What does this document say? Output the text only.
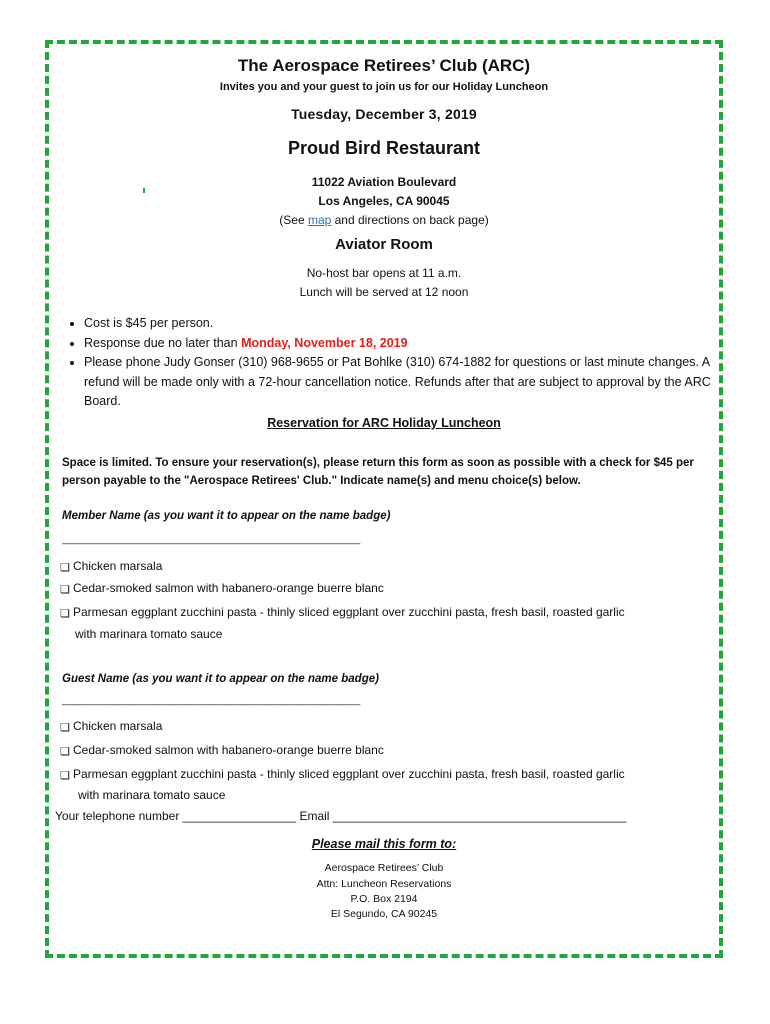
The Aerospace Retirees’ Club (ARC)
Invites you and your guest to join us for our Holiday Luncheon
Tuesday, December 3, 2019
Proud Bird Restaurant
11022 Aviation Boulevard
Los Angeles, CA 90045
(See map and directions on back page)
Aviator Room
No-host bar opens at 11 a.m.
Lunch will be served at 12 noon
• Cost is $45 per person.
• Response due no later than Monday, November 18, 2019
• Please phone Judy Gonser (310) 968-9655 or Pat Bohlke (310) 674-1882 for questions or last minute changes. A refund will be made only with a 72-hour cancellation notice. Refunds after that are subject to approval by the ARC Board.
Reservation for ARC Holiday Luncheon
Space is limited. To ensure your reservation(s), please return this form as soon as possible with a check for $45 per person payable to the "Aerospace Retirees' Club." Indicate name(s) and menu choice(s) below.
Member Name (as you want it to appear on the name badge)
_____________________________________________________
❏ Chicken marsala
❏ Cedar-smoked salmon with habanero-orange buerre blanc
❏ Parmesan eggplant zucchini pasta - thinly sliced eggplant over zucchini pasta, fresh basil, roasted garlic
with marinara tomato sauce
Guest Name (as you want it to appear on the name badge)
_____________________________________________________
❏ Chicken marsala
❏ Cedar-smoked salmon with habanero-orange buerre blanc
❏ Parmesan eggplant zucchini pasta - thinly sliced eggplant over zucchini pasta, fresh basil, roasted garlic
with marinara tomato sauce
Your telephone number _________________ Email ____________________________________________
Please mail this form to:
Aerospace Retirees’ Club
Attn: Luncheon Reservations
P.O. Box 2194
El Segundo, CA 90245
